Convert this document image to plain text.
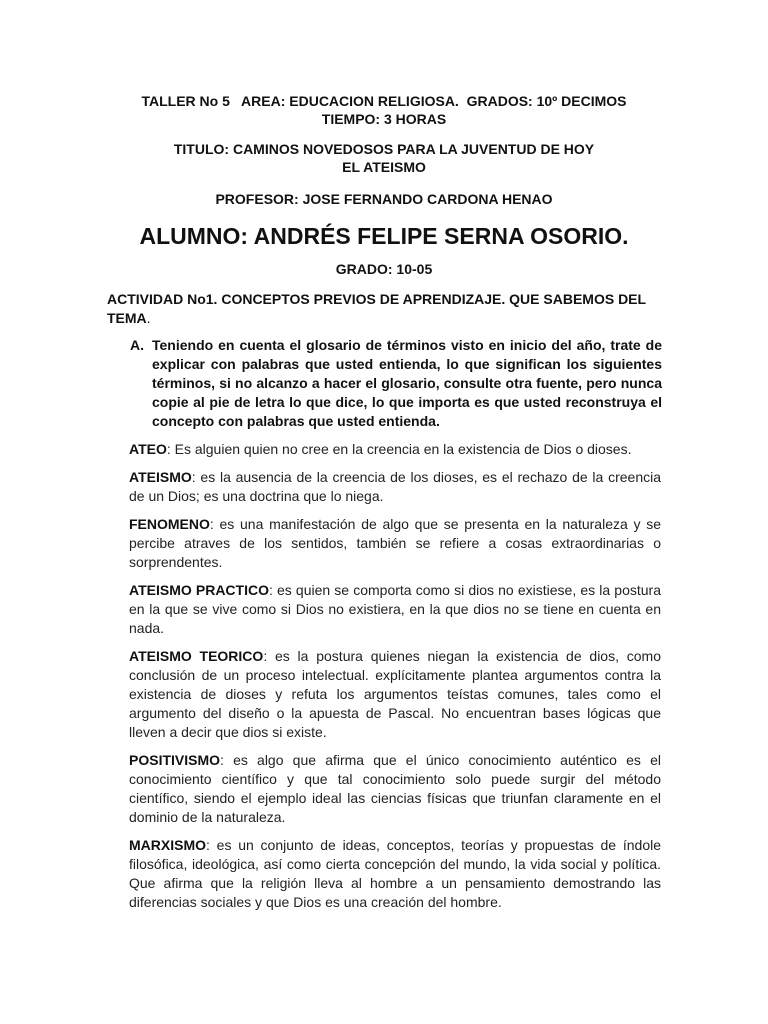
TALLER No 5   AREA: EDUCACION RELIGIOSA.  GRADOS: 10º DECIMOS
TIEMPO: 3 HORAS
TITULO: CAMINOS NOVEDOSOS PARA LA JUVENTUD DE HOY
EL ATEISMO
PROFESOR: JOSE FERNANDO CARDONA HENAO
ALUMNO: ANDRÉS FELIPE SERNA OSORIO.
GRADO: 10-05
ACTIVIDAD No1. CONCEPTOS PREVIOS DE APRENDIZAJE. QUE SABEMOS DEL TEMA.
A. Teniendo en cuenta el glosario de términos visto en inicio del año, trate de explicar con palabras que usted entienda, lo que significan los siguientes términos, si no alcanzo a hacer el glosario, consulte otra fuente, pero nunca copie al pie de letra lo que dice, lo que importa es que usted reconstruya el concepto con palabras que usted entienda.

ATEO: Es alguien quien no cree en la creencia en la existencia de Dios o dioses.

ATEISMO: es la ausencia de la creencia de los dioses, es el rechazo de la creencia de un Dios; es una doctrina que lo niega.

FENOMENO: es una manifestación de algo que se presenta en la naturaleza y se percibe atraves de los sentidos, también se refiere a cosas extraordinarias o sorprendentes.

ATEISMO PRACTICO: es quien se comporta como si dios no existiese, es la postura en la que se vive como si Dios no existiera, en la que dios no se tiene en cuenta en nada.

ATEISMO TEORICO: es la postura quienes niegan la existencia de dios, como conclusión de un proceso intelectual. explícitamente plantea argumentos contra la existencia de dioses y refuta los argumentos teístas comunes, tales como el argumento del diseño o la apuesta de Pascal. No encuentran bases lógicas que lleven a decir que dios si existe.

POSITIVISMO: es algo que afirma que el único conocimiento auténtico es el conocimiento científico y que tal conocimiento solo puede surgir del método científico, siendo el ejemplo ideal las ciencias físicas que triunfan claramente en el dominio de la naturaleza.

MARXISMO: es un conjunto de ideas, conceptos, teorías y propuestas de índole filosófica, ideológica, así como cierta concepción del mundo, la vida social y política. Que afirma que la religión lleva al hombre a un pensamiento demostrando las diferencias sociales y que Dios es una creación del hombre.
